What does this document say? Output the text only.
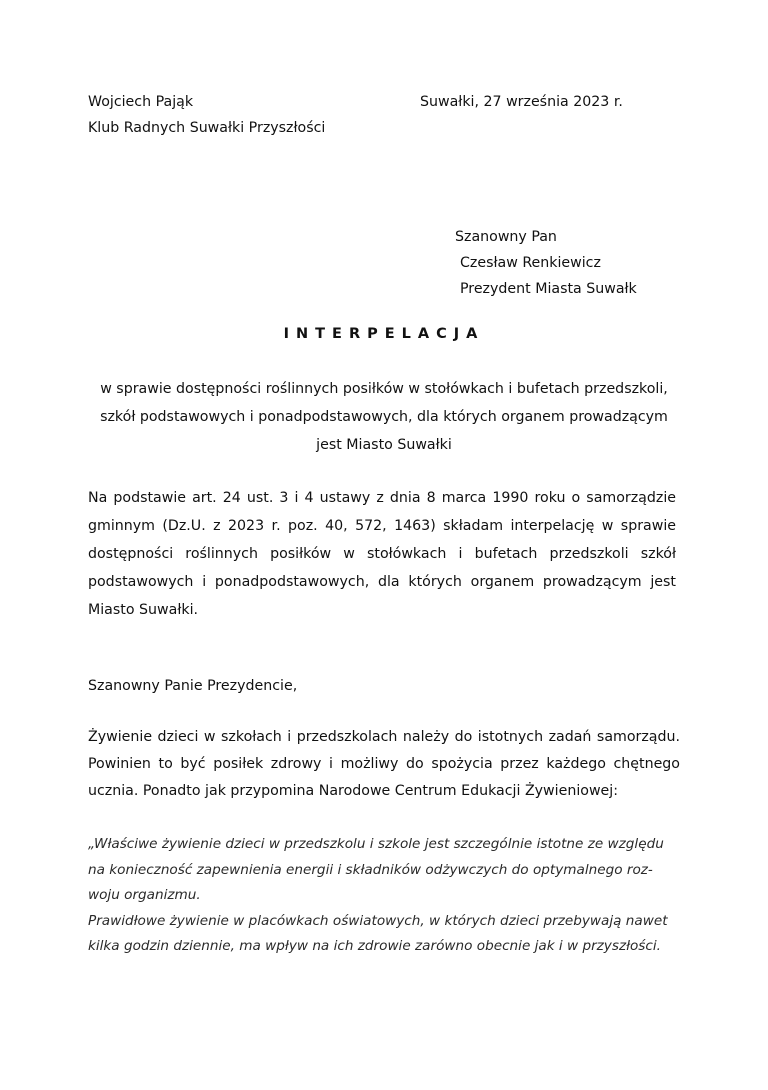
Wojciech Pająk
Klub Radnych Suwałki Przyszłości
Suwałki, 27 września 2023 r.
Szanowny Pan
Czesław Renkiewicz
Prezydent Miasta Suwałk
INTERPELACJA
w sprawie dostępności roślinnych posiłków w stołówkach i bufetach przedszkoli,
szkół podstawowych i ponadpodstawowych, dla których organem prowadzącym
jest Miasto Suwałki
Na podstawie art. 24 ust. 3 i 4 ustawy z dnia 8 marca 1990 roku o samorządzie
gminnym (Dz.U. z 2023 r. poz. 40, 572, 1463) składam interpelację w sprawie
dostępności roślinnych posiłków w stołówkach i bufetach przedszkoli szkół
podstawowych i ponadpodstawowych, dla których organem prowadzącym jest
Miasto Suwałki.
Szanowny Panie Prezydencie,
Żywienie dzieci w szkołach i przedszkolach należy do istotnych zadań samorządu.
Powinien to być posiłek zdrowy i możliwy do spożycia przez każdego chętnego
ucznia. Ponadto jak przypomina Narodowe Centrum Edukacji Żywieniowej:
„Właściwe żywienie dzieci w przedszkolu i szkole jest szczególnie istotne ze względu
na konieczność zapewnienia energii i składników odżywczych do optymalnego roz-
woju organizmu.
Prawidłowe żywienie w placówkach oświatowych, w których dzieci przebywają nawet
kilka godzin dziennie, ma wpływ na ich zdrowie zarówno obecnie jak i w przyszłości.
